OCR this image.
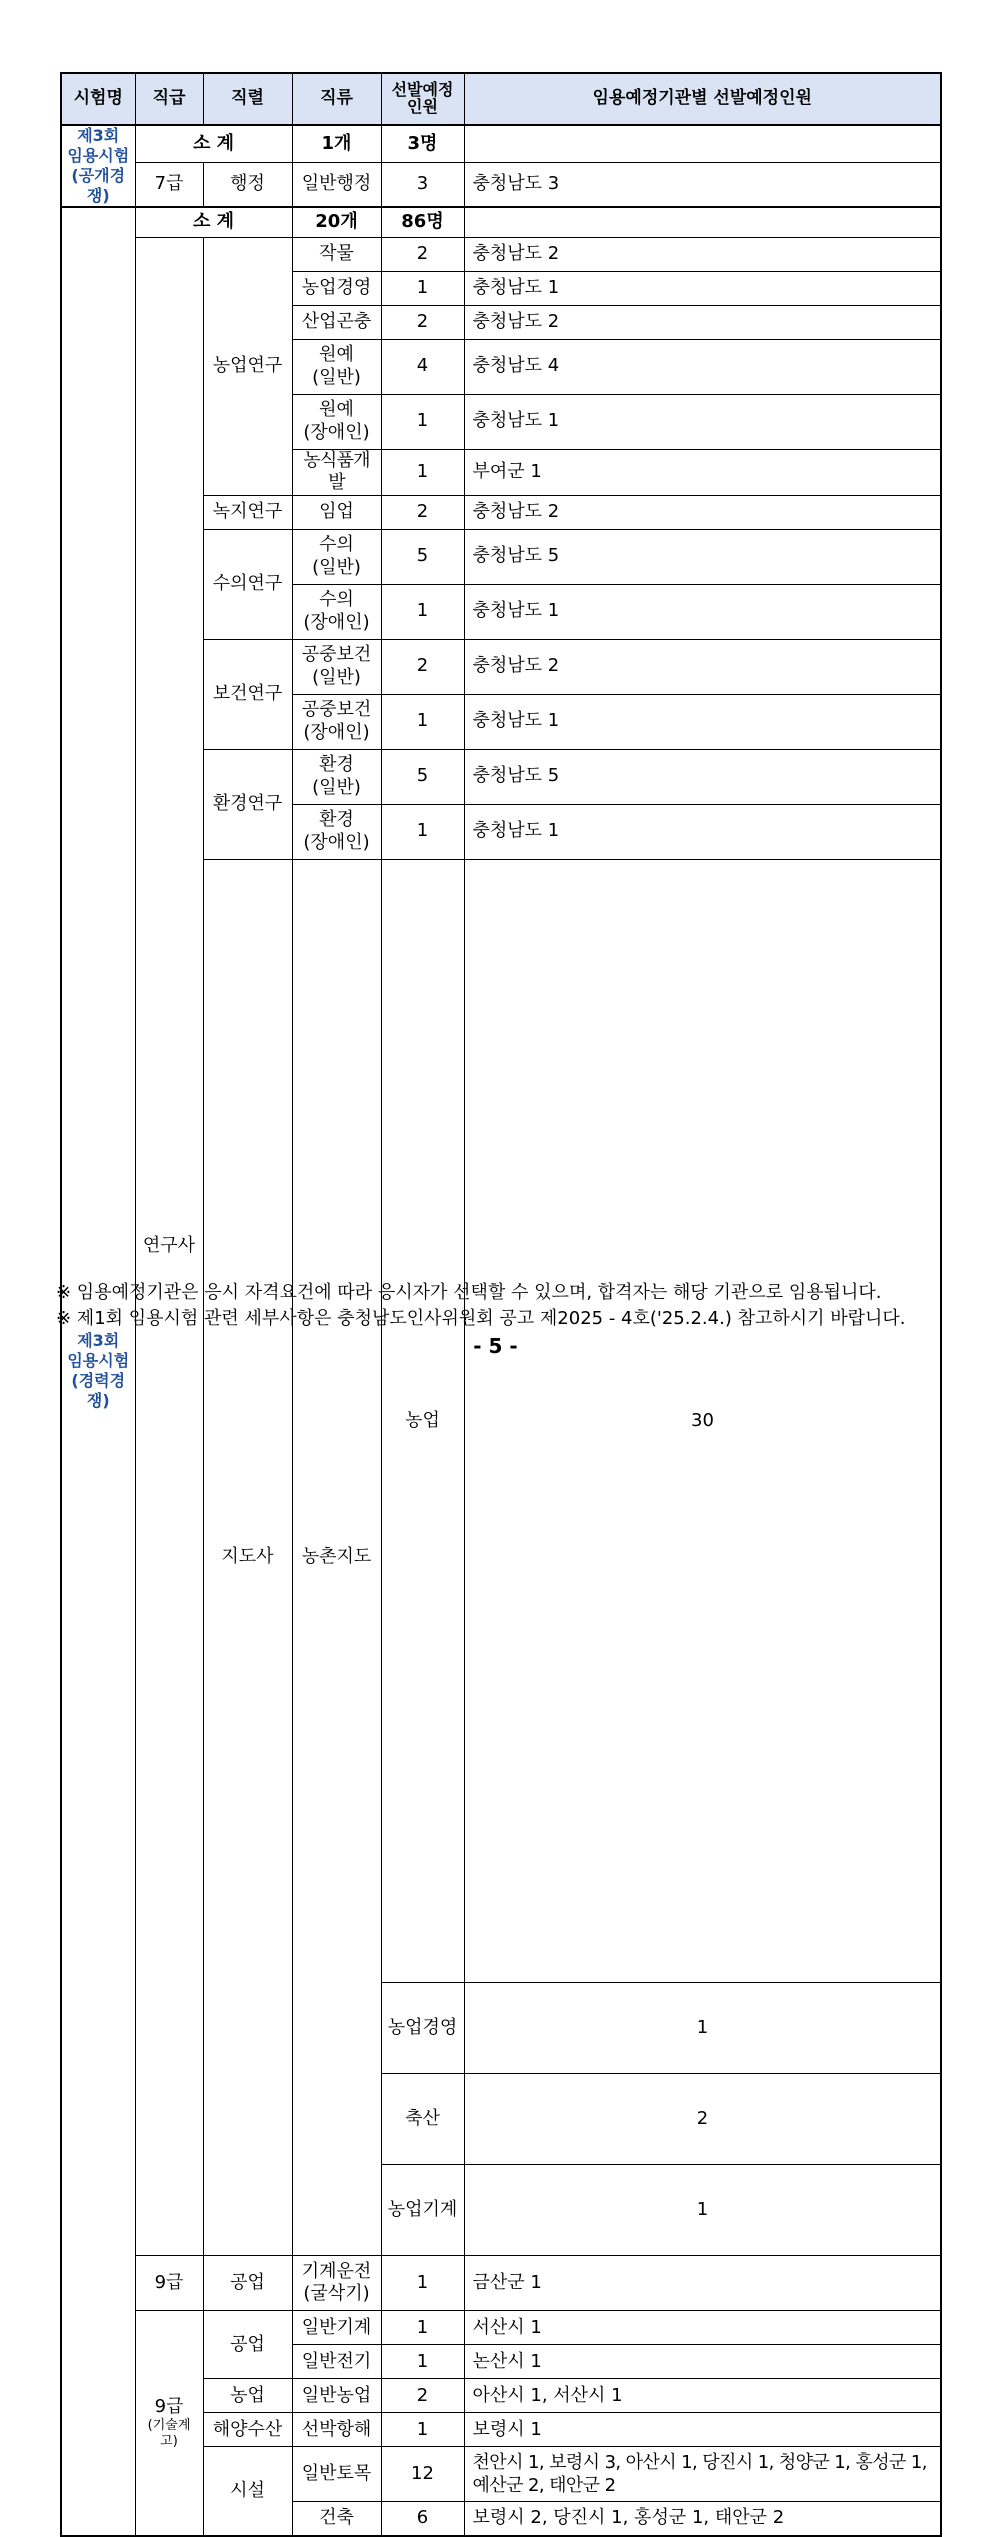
시험명	직급	직렬	직류	선발예정
인원	임용예정기관별 선발예정인원	
제3회
임용시험
(공개경쟁)	소 계		1개	3명		
	7급	행정	일반행정	3	충청남도 3	
제3회
임용시험
(경력경쟁)	소 계		20개	86명		
	연구사	농업연구	작물	2	충청남도 2	
			농업경영	1	충청남도 1	
			산업곤충	2	충청남도 2	
			원예
(일반)	4	충청남도 4	
			원예
(장애인)	1	충청남도 1	
			농식품개발	1	부여군 1	
		녹지연구	임업	2	충청남도 2	
		수의연구	수의
(일반)	5	충청남도 5	
			수의
(장애인)	1	충청남도 1	
		보건연구	공중보건
(일반)	2	충청남도 2	
			공중보건
(장애인)	1	충청남도 1	
		환경연구	환경
(일반)	5	충청남도 5	
			환경
(장애인)	1	충청남도 1	
		지도사	농촌지도	농업	30	
				농업경영	1	
				축산	2	
				농업기계	1	
	9급	공업	기계운전
(굴삭기)	1	금산군 1	

	9급
(기술계고)	공업	일반기계	1	서산시 1	
			일반전기	1	논산시 1	
		농업	일반농업	2	아산시 1, 서산시 1	
		해양수산	선박항해	1	보령시 1	
		시설	일반토목	12	천안시 1, 보령시 3, 아산시 1, 당진시 1, 청양군 1, 홍성군 1,
예산군 2, 태안군 2	
			건축	6	보령시 2, 당진시 1, 홍성군 1, 태안군 2	
※ 임용예정기관은 응시 자격요건에 따라 응시자가 선택할 수 있으며, 합격자는 해당 기관으로 임용됩니다.
※ 제1회 임용시험 관련 세부사항은 충청남도인사위원회 공고 제2025 - 4호('25.2.4.) 참고하시기 바랍니다.
- 5 -
